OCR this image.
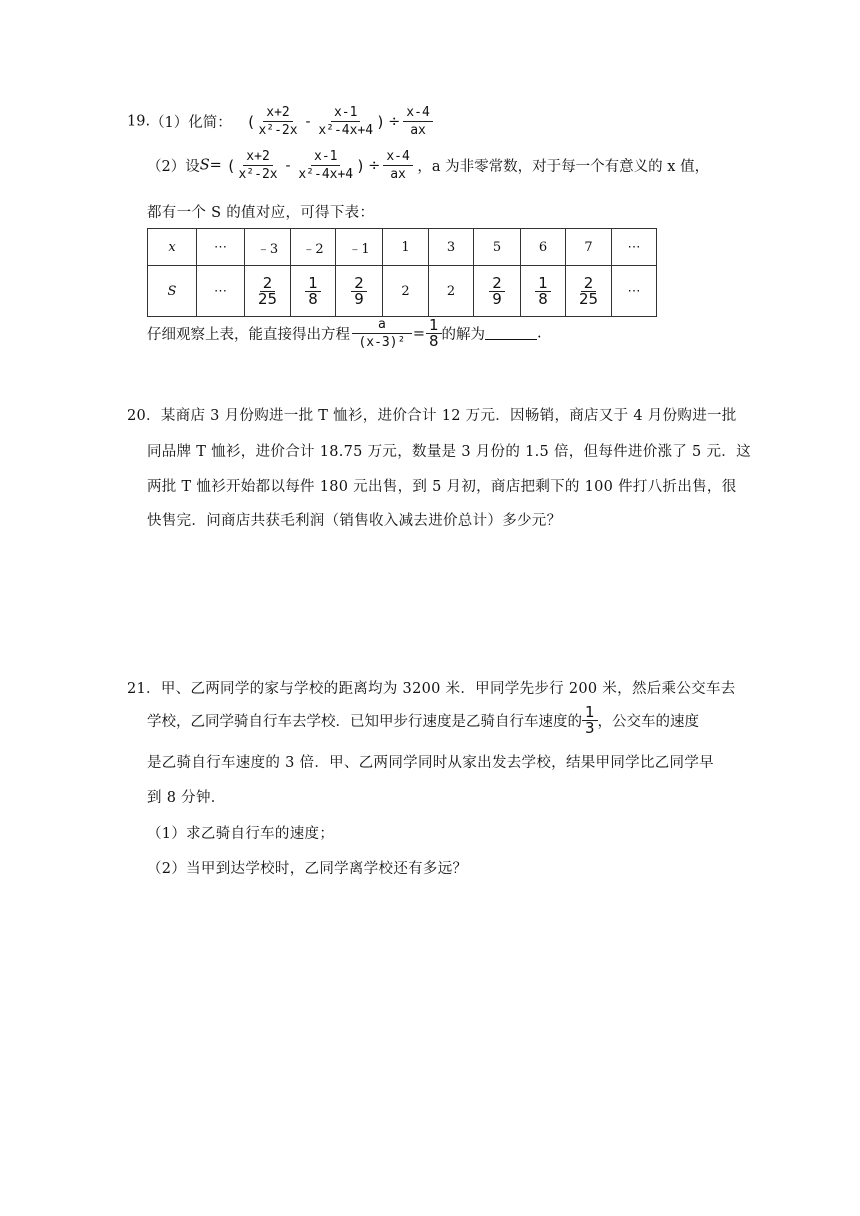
19.（1）化简： ( $\frac{x+2}{\text{x²-2x}} - \frac{x-1}{\text{x²-4x+4}}$ ) ÷ $\frac{x-4}{ax}$
（2）设S= ( $\frac{x+2}{\text{x²-2x}} - \frac{x-1}{\text{x²-4x+4}}$ ) ÷ $\frac{x-4}{ax}$ ，a 为非零常数，对于每一个有意义的 x 值，
都有一个 S 的值对应，可得下表：
x	⋯	﹣3	﹣2	﹣1	1	3	5	6	7	⋯
S	⋯	$\frac{2}{25}$	$\frac{1}{8}$	$\frac{2}{9}$	2	2	$\frac{2}{9}$	$\frac{1}{8}$	$\frac{2}{25}$	⋯
仔细观察上表，能直接得出方程 $\frac{a}{\text{(x-3)²}} = \frac{1}{8}$ 的解为	.
20．某商店 3 月份购进一批 T 恤衫，进价合计 12 万元．因畅销，商店又于 4 月份购进一批
同品牌 T 恤衫，进价合计 18.75 万元，数量是 3 月份的 1.5 倍，但每件进价涨了 5 元．这
两批 T 恤衫开始都以每件 180 元出售，到 5 月初，商店把剩下的 100 件打八折出售，很
快售完．问商店共获毛利润（销售收入减去进价总计）多少元？
21．甲、乙两同学的家与学校的距离均为 3200 米．甲同学先步行 200 米，然后乘公交车去
学校，乙同学骑自行车去学校．已知甲步行速度是乙骑自行车速度的 $\frac{1}{3}$ ，公交车的速度
是乙骑自行车速度的 3 倍．甲、乙两同学同时从家出发去学校，结果甲同学比乙同学早
到 8 分钟．
（1）求乙骑自行车的速度；
（2）当甲到达学校时，乙同学离学校还有多远？
